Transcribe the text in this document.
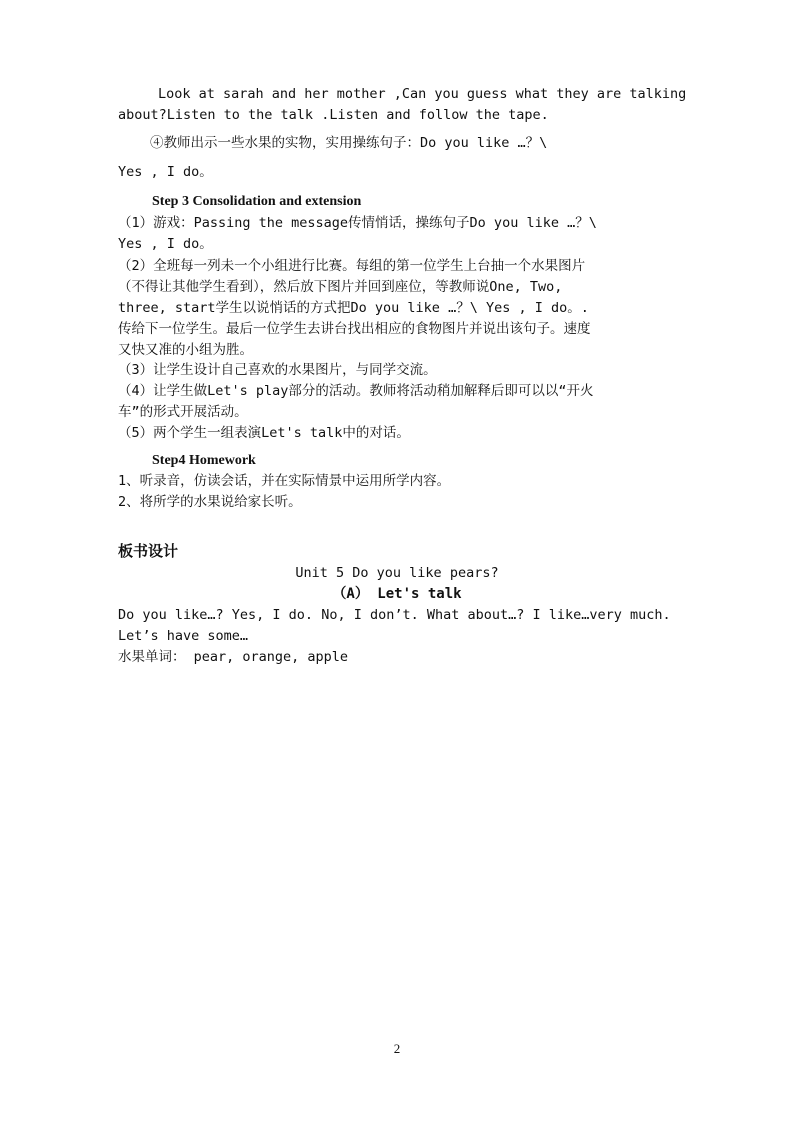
Look at sarah and her mother ,Can you guess what they are talking
about?Listen to the talk .Listen and follow the tape.
④教师出示一些水果的实物，实用操练句子：Do you like …？\
Yes , I do。
Step 3 Consolidation and extension
（1）游戏：Passing the message传情悄话，操练句子Do you like …？\
Yes , I do。
（2）全班每一列未一个小组进行比赛。每组的第一位学生上台抽一个水果图片
（不得让其他学生看到），然后放下图片并回到座位，等教师说One, Two,
three, start学生以说悄话的方式把Do you like …？\ Yes , I do。.
传给下一位学生。最后一位学生去讲台找出相应的食物图片并说出该句子。速度
又快又准的小组为胜。
（3）让学生设计自己喜欢的水果图片，与同学交流。
（4）让学生做Let's play部分的活动。教师将活动稍加解释后即可以以“开火
车”的形式开展活动。
（5）两个学生一组表演Let's talk中的对话。
Step4 Homework
1、听录音，仿读会话，并在实际情景中运用所学内容。
2、将所学的水果说给家长听。
板书设计
Unit 5 Do you like pears?
（A） Let's talk
Do you like…? Yes, I do. No, I don’t. What about…? I like…very much.
Let’s have some…
水果单词： pear, orange, apple
2
